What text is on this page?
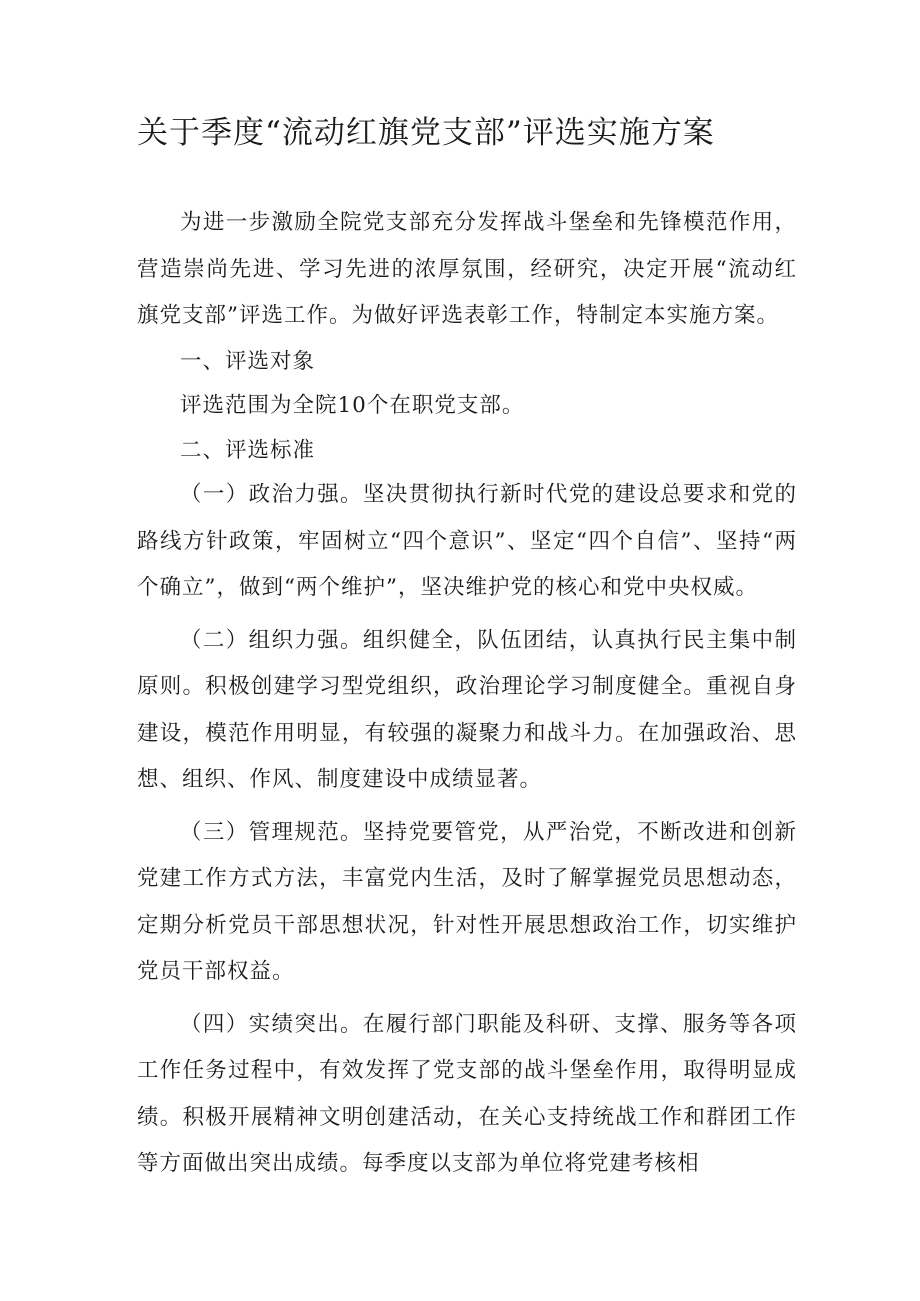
关于季度“流动红旗党支部”评选实施方案

为进一步激励全院党支部充分发挥战斗堡垒和先锋模范作用，营造崇尚先进、学习先进的浓厚氛围，经研究，决定开展“流动红旗党支部”评选工作。为做好评选表彰工作，特制定本实施方案。

一、评选对象

评选范围为全院10个在职党支部。

二、评选标准

（一）政治力强。坚决贯彻执行新时代党的建设总要求和党的路线方针政策，牢固树立“四个意识”、坚定“四个自信”、坚持“两个确立”，做到“两个维护”，坚决维护党的核心和党中央权威。

（二）组织力强。组织健全，队伍团结，认真执行民主集中制原则。积极创建学习型党组织，政治理论学习制度健全。重视自身建设，模范作用明显，有较强的凝聚力和战斗力。在加强政治、思想、组织、作风、制度建设中成绩显著。

（三）管理规范。坚持党要管党，从严治党，不断改进和创新党建工作方式方法，丰富党内生活，及时了解掌握党员思想动态，定期分析党员干部思想状况，针对性开展思想政治工作，切实维护党员干部权益。

（四）实绩突出。在履行部门职能及科研、支撑、服务等各项工作任务过程中，有效发挥了党支部的战斗堡垒作用，取得明显成绩。积极开展精神文明创建活动，在关心支持统战工作和群团工作等方面做出突出成绩。每季度以支部为单位将党建考核相
